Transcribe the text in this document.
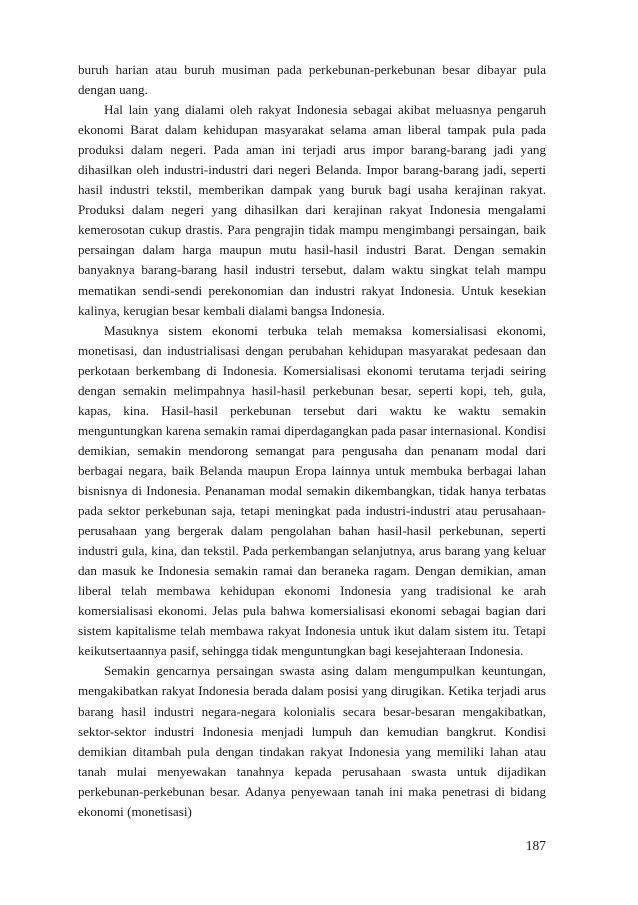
buruh harian atau buruh musiman pada perkebunan-perkebunan besar dibayar pula dengan uang.

Hal lain yang dialami oleh rakyat Indonesia sebagai akibat meluasnya pengaruh ekonomi Barat dalam kehidupan masyarakat selama aman liberal tampak pula pada produksi dalam negeri. Pada aman ini terjadi arus impor barang-barang jadi yang dihasilkan oleh industri-industri dari negeri Belanda. Impor barang-barang jadi, seperti hasil industri tekstil, memberikan dampak yang buruk bagi usaha kerajinan rakyat. Produksi dalam negeri yang dihasilkan dari kerajinan rakyat Indonesia mengalami kemerosotan cukup drastis. Para pengrajin tidak mampu mengimbangi persaingan, baik persaingan dalam harga maupun mutu hasil-hasil industri Barat. Dengan semakin banyaknya barang-barang hasil industri tersebut, dalam waktu singkat telah mampu mematikan sendi-sendi perekonomian dan industri rakyat Indonesia. Untuk kesekian kalinya, kerugian besar kembali dialami bangsa Indonesia.

Masuknya sistem ekonomi terbuka telah memaksa komersialisasi ekonomi, monetisasi, dan industrialisasi dengan perubahan kehidupan masyarakat pedesaan dan perkotaan berkembang di Indonesia. Komersialisasi ekonomi terutama terjadi seiring dengan semakin melimpahnya hasil-hasil perkebunan besar, seperti kopi, teh, gula, kapas, kina. Hasil-hasil perkebunan tersebut dari waktu ke waktu semakin menguntungkan karena semakin ramai diperdagangkan pada pasar internasional. Kondisi demikian, semakin mendorong semangat para pengusaha dan penanam modal dari berbagai negara, baik Belanda maupun Eropa lainnya untuk membuka berbagai lahan bisnisnya di Indonesia. Penanaman modal semakin dikembangkan, tidak hanya terbatas pada sektor perkebunan saja, tetapi meningkat pada industri-industri atau perusahaan-perusahaan yang bergerak dalam pengolahan bahan hasil-hasil perkebunan, seperti industri gula, kina, dan tekstil. Pada perkembangan selanjutnya, arus barang yang keluar dan masuk ke Indonesia semakin ramai dan beraneka ragam. Dengan demikian, aman liberal telah membawa kehidupan ekonomi Indonesia yang tradisional ke arah komersialisasi ekonomi. Jelas pula bahwa komersialisasi ekonomi sebagai bagian dari sistem kapitalisme telah membawa rakyat Indonesia untuk ikut dalam sistem itu. Tetapi keikutsertaannya pasif, sehingga tidak menguntungkan bagi kesejahteraan Indonesia.

Semakin gencarnya persaingan swasta asing dalam mengumpulkan keuntungan, mengakibatkan rakyat Indonesia berada dalam posisi yang dirugikan. Ketika terjadi arus barang hasil industri negara-negara kolonialis secara besar-besaran mengakibatkan, sektor-sektor industri Indonesia menjadi lumpuh dan kemudian bangkrut. Kondisi demikian ditambah pula dengan tindakan rakyat Indonesia yang memiliki lahan atau tanah mulai menyewakan tanahnya kepada perusahaan swasta untuk dijadikan perkebunan-perkebunan besar. Adanya penyewaan tanah ini maka penetrasi di bidang ekonomi (monetisasi)

187
